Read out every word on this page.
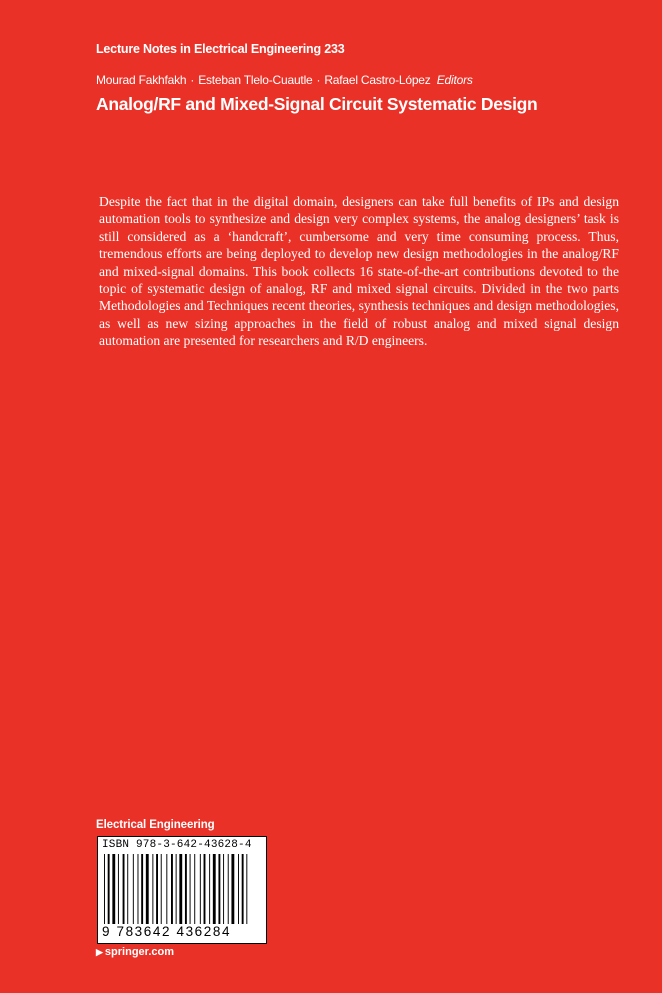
Lecture Notes in Electrical Engineering 233
Mourad Fakhfakh · Esteban Tlelo-Cuautle · Rafael Castro-López Editors
Analog/RF and Mixed-Signal Circuit Systematic Design

Despite the fact that in the digital domain, designers can take full benefits of IPs and design automation tools to synthesize and design very complex systems, the analog designers’ task is still considered as a ‘handcraft’, cumbersome and very time consuming process. Thus, tremendous efforts are being deployed to develop new design methodologies in the analog/RF and mixed-signal domains. This book collects 16 state-of-the-art contributions devoted to the topic of systematic design of analog, RF and mixed signal circuits. Divided in the two parts Methodologies and Techniques recent theories, synthesis techniques and design methodologies, as well as new sizing approaches in the field of robust analog and mixed signal design automation are presented for researchers and R/D engineers.

Electrical Engineering
ISBN 978-3-642-43628-4
9 783642 436284
▶ springer.com
